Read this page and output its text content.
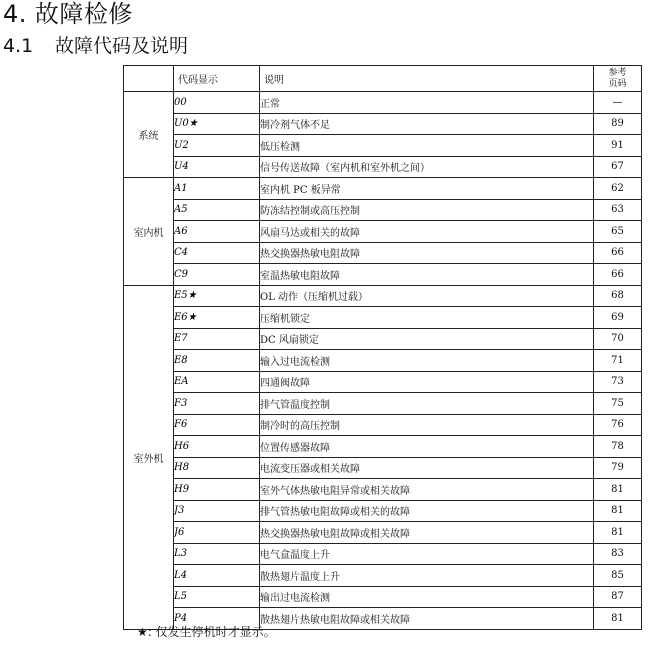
4. 故障检修
4.1 故障代码及说明
	代码显示	说明	参考
页码
系统	00	正常	—
	U0★	制冷剂气体不足	89
	U2	低压检测	91
	U4	信号传送故障（室内机和室外机之间）	67
室内机	A1	室内机 PC 板异常	62
	A5	防冻结控制或高压控制	63
	A6	风扇马达或相关的故障	65
	C4	热交换器热敏电阻故障	66
	C9	室温热敏电阻故障	66
室外机	E5★	OL 动作（压缩机过载）	68
	E6★	压缩机锁定	69
	E7	DC 风扇锁定	70
	E8	输入过电流检测	71
	EA	四通阀故障	73
	F3	排气管温度控制	75
	F6	制冷时的高压控制	76
	H6	位置传感器故障	78
	H8	电流变压器或相关故障	79
	H9	室外气体热敏电阻异常或相关故障	81
	J3	排气管热敏电阻故障或相关的故障	81
	J6	热交换器热敏电阻故障或相关故障	81
	L3	电气盒温度上升	83
	L4	散热翅片温度上升	85
	L5	输出过电流检测	87
	P4	散热翅片热敏电阻故障或相关故障	81
★: 仅发生停机时才显示。
